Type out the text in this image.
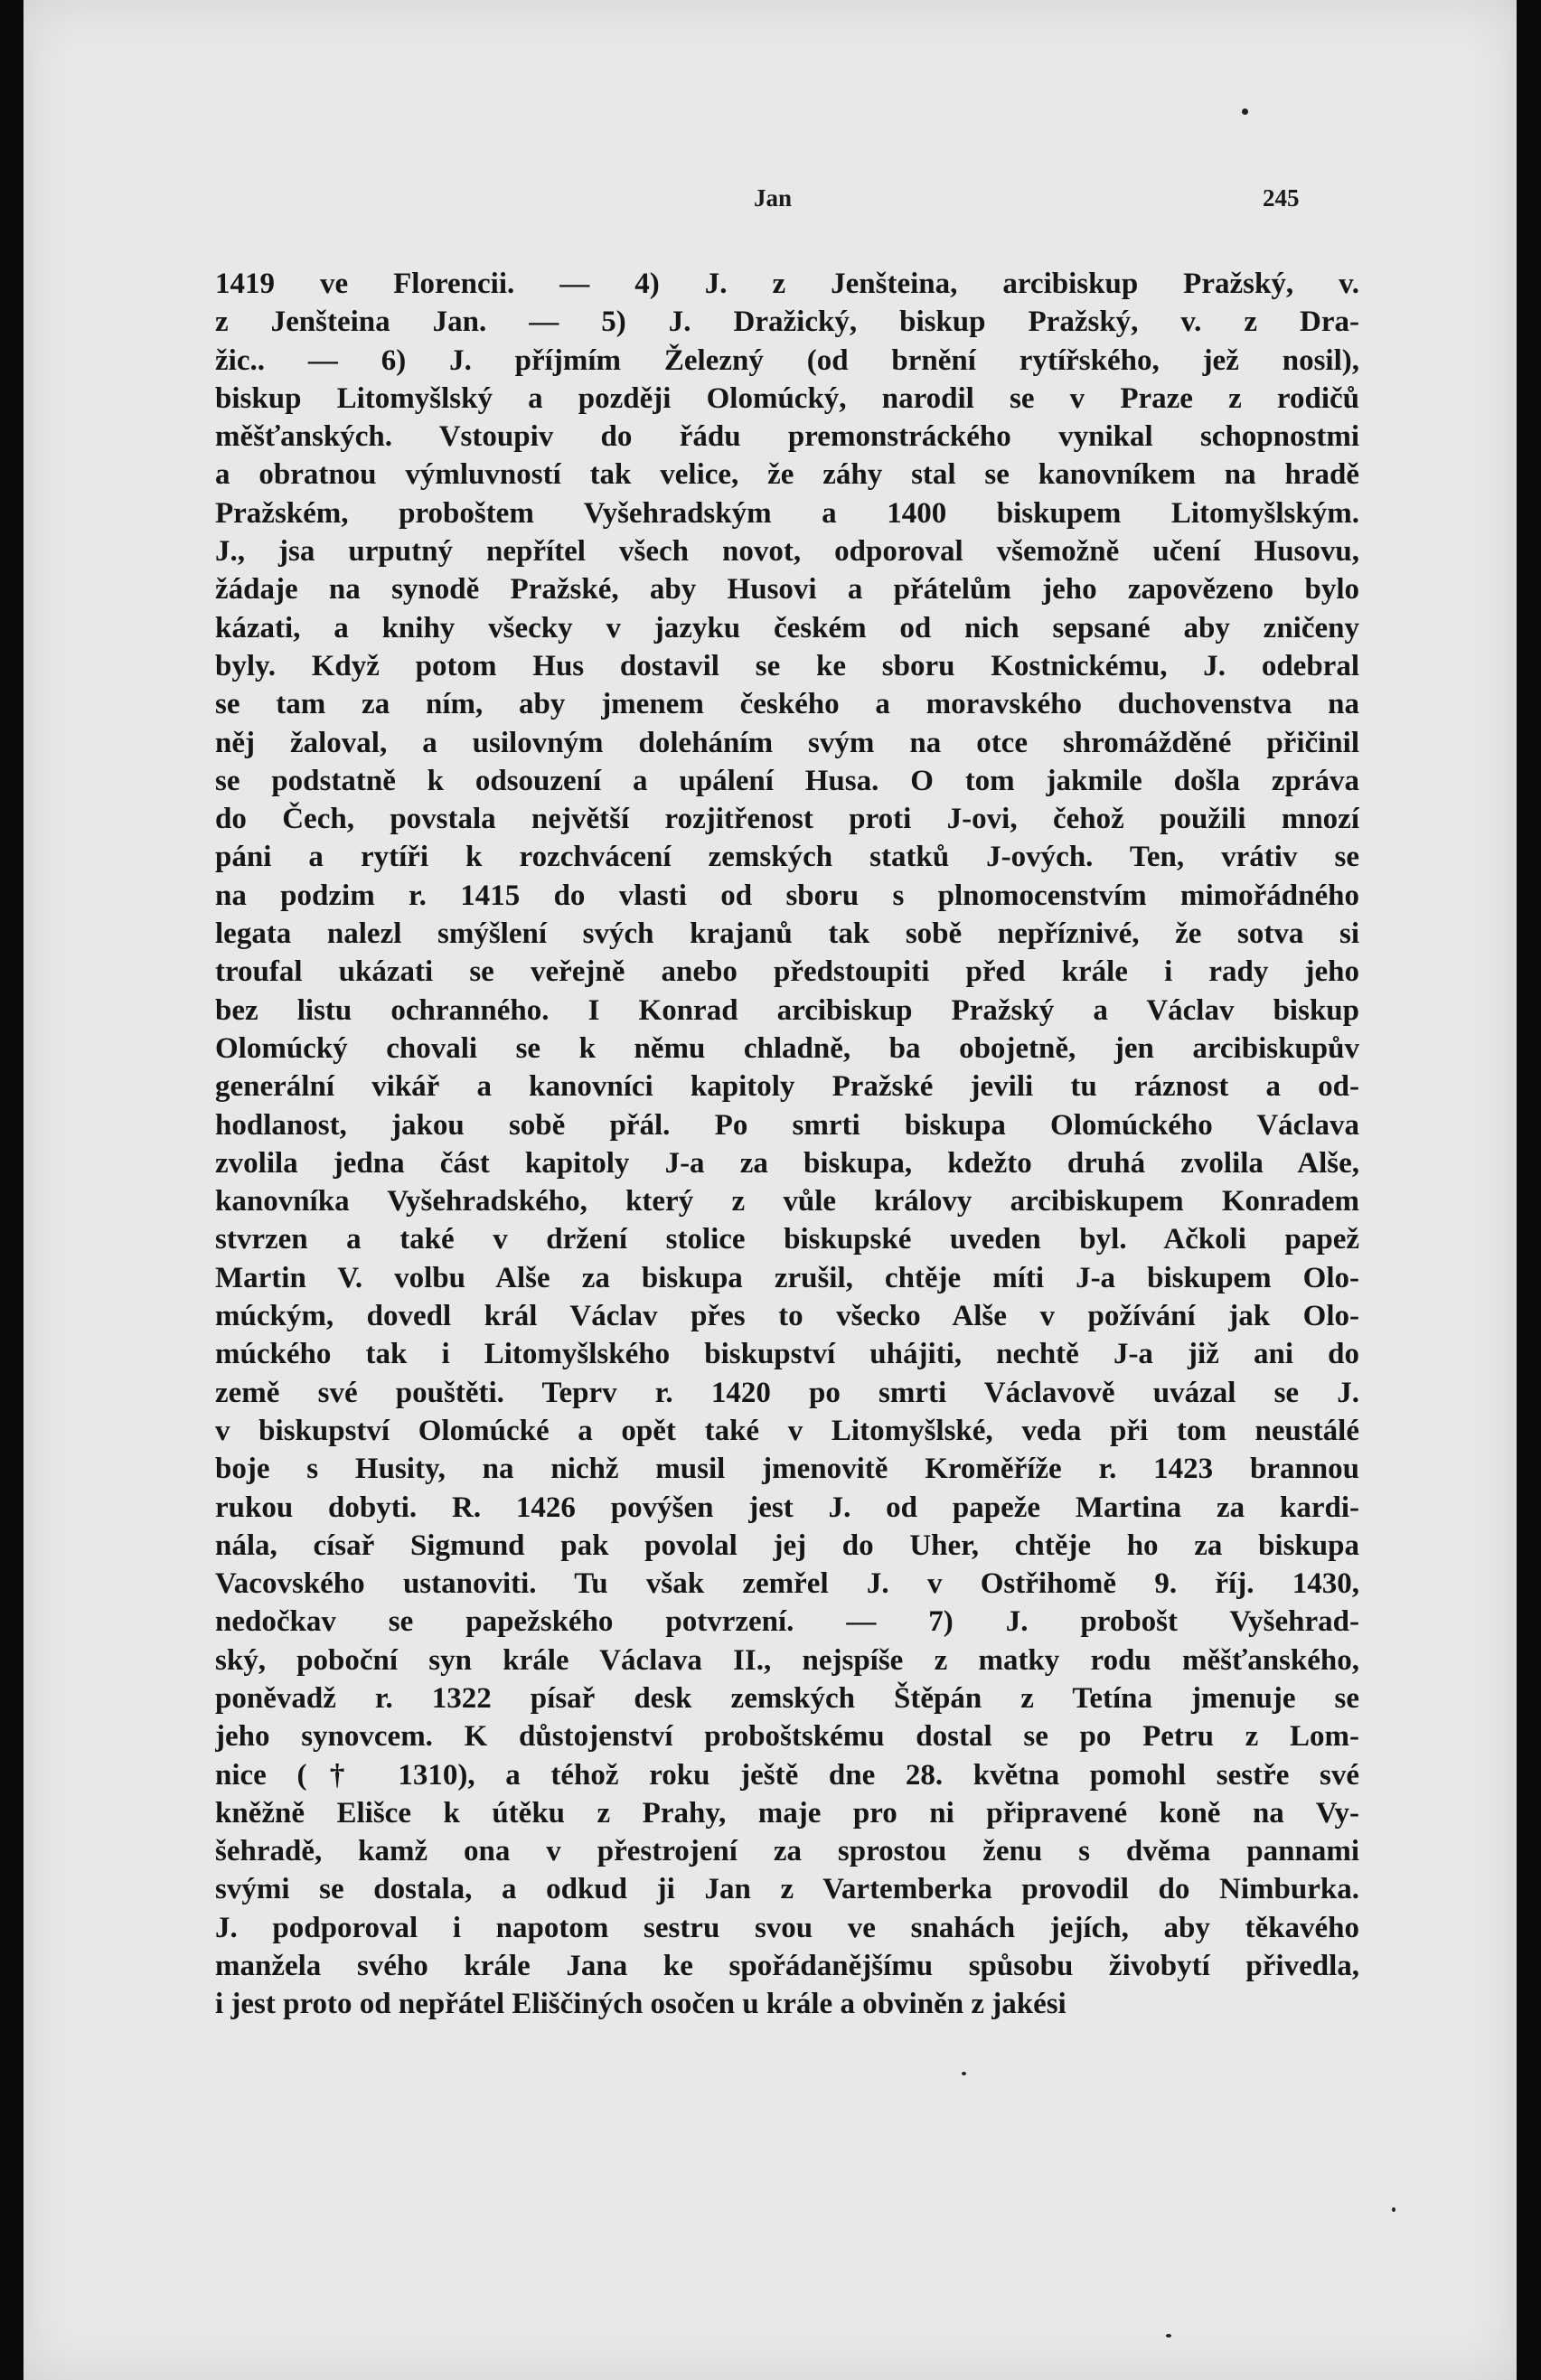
Jan	245
1419 ve Florencii. — 4) J. z Jenšteina, arcibiskup Pražský, v.
z Jenšteina Jan. — 5) J. Dražický, biskup Pražský, v. z Dra-
žic.. — 6) J. příjmím Železný (od brnění rytířského, jež nosil),
biskup Litomyšlský a později Olomúcký, narodil se v Praze z rodičů
měšťanských. Vstoupiv do řádu premonstráckého vynikal schopnostmi
a obratnou výmluvností tak velice, že záhy stal se kanovníkem na hradě
Pražském, proboštem Vyšehradským a 1400 biskupem Litomyšlským.
J., jsa urputný nepřítel všech novot, odporoval všemožně učení Husovu,
žádaje na synodě Pražské, aby Husovi a přátelům jeho zapovězeno bylo
kázati, a knihy všecky v jazyku českém od nich sepsané aby zničeny
byly. Když potom Hus dostavil se ke sboru Kostnickému, J. odebral
se tam za ním, aby jmenem českého a moravského duchovenstva na
něj žaloval, a usilovným doleháním svým na otce shromážděné přičinil
se podstatně k odsouzení a upálení Husa. O tom jakmile došla zpráva
do Čech, povstala největší rozjitřenost proti J-ovi, čehož použili mnozí
páni a rytíři k rozchvácení zemských statků J-ových. Ten, vrátiv se
na podzim r. 1415 do vlasti od sboru s plnomocenstvím mimořádného
legata nalezl smýšlení svých krajanů tak sobě nepříznivé, že sotva si
troufal ukázati se veřejně anebo předstoupiti před krále i rady jeho
bez listu ochranného. I Konrad arcibiskup Pražský a Václav biskup
Olomúcký chovali se k němu chladně, ba obojetně, jen arcibiskupův
generální vikář a kanovníci kapitoly Pražské jevili tu ráznost a od-
hodlanost, jakou sobě přál. Po smrti biskupa Olomúckého Václava
zvolila jedna část kapitoly J-a za biskupa, kdežto druhá zvolila Alše,
kanovníka Vyšehradského, který z vůle královy arcibiskupem Konradem
stvrzen a také v držení stolice biskupské uveden byl. Ačkoli papež
Martin V. volbu Alše za biskupa zrušil, chtěje míti J-a biskupem Olo-
múckým, dovedl král Václav přes to všecko Alše v požívání jak Olo-
múckého tak i Litomyšlského biskupství uhájiti, nechtě J-a již ani do
země své pouštěti. Teprv r. 1420 po smrti Václavově uvázal se J.
v biskupství Olomúcké a opět také v Litomyšlské, veda při tom neustálé
boje s Husity, na nichž musil jmenovitě Kroměříže r. 1423 brannou
rukou dobyti. R. 1426 povýšen jest J. od papeže Martina za kardi-
nála, císař Sigmund pak povolal jej do Uher, chtěje ho za biskupa
Vacovského ustanoviti. Tu však zemřel J. v Ostřihomě 9. říj. 1430,
nedočkav se papežského potvrzení. — 7) J. probošt Vyšehrad-
ský, poboční syn krále Václava II., nejspíše z matky rodu měšťanského,
poněvadž r. 1322 písař desk zemských Štěpán z Tetína jmenuje se
jeho synovcem. K důstojenství proboštskému dostal se po Petru z Lom-
nice († 1310), a téhož roku ještě dne 28. května pomohl sestře své
kněžně Elišce k útěku z Prahy, maje pro ni připravené koně na Vy-
šehradě, kamž ona v přestrojení za sprostou ženu s dvěma pannami
svými se dostala, a odkud ji Jan z Vartemberka provodil do Nimburka.
J. podporoval i napotom sestru svou ve snahách jejích, aby těkavého
manžela svého krále Jana ke spořádanějšímu spůsobu živobytí přivedla,
i jest proto od nepřátel Eliščiných osočen u krále a obviněn z jakési
